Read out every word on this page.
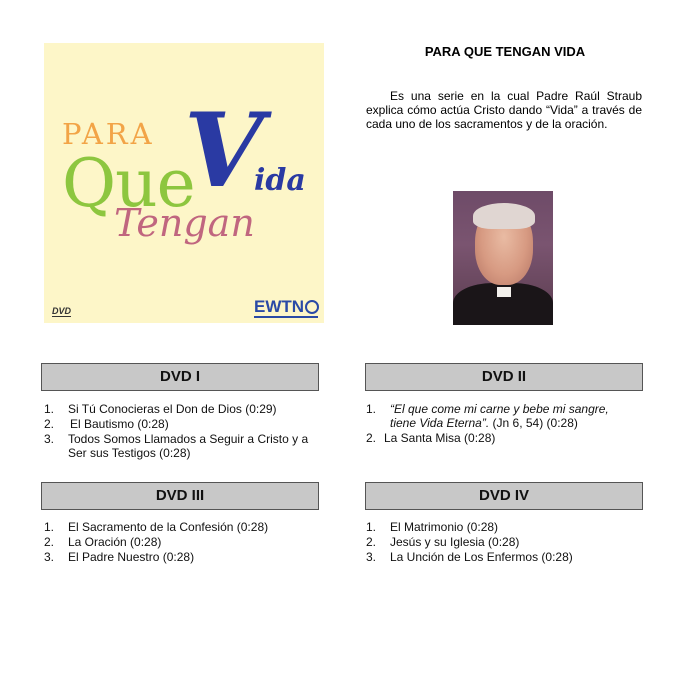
PARA
Que
V
ida
Tengan
DVD	EWTN
PARA QUE TENGAN VIDA

Es una serie en la cual Padre Raúl Straub explica cómo actúa Cristo dando “Vida” a través de cada uno de los sacramentos y de la oración.

DVD I
1. Si Tú Conocieras el Don de Dios (0:29)
2. El Bautismo (0:28)
3. Todos Somos Llamados a Seguir a Cristo y a Ser sus Testigos (0:28)
DVD II
1. “El que come mi carne y bebe mi sangre, tiene Vida Eterna”. (Jn 6, 54) (0:28)
2. La Santa Misa (0:28)
DVD III
1. El Sacramento de la Confesión (0:28)
2. La Oración (0:28)
3. El Padre Nuestro (0:28)
DVD IV
1. El Matrimonio (0:28)
2. Jesús y su Iglesia (0:28)
3. La Unción de Los Enfermos (0:28)
